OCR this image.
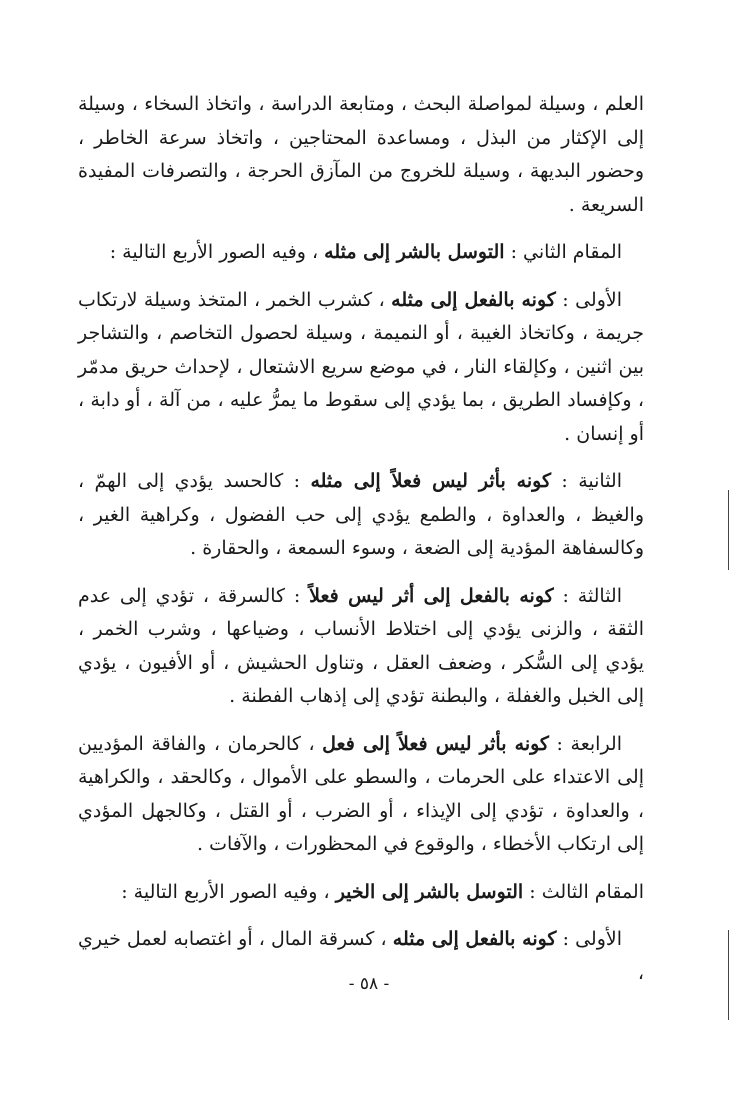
العلم ، وسيلة لمواصلة البحث ، ومتابعة الدراسة ، واتخاذ السخاء ، وسيلة إلى الإكثار من البذل ، ومساعدة المحتاجين ، واتخاذ سرعة الخاطر ، وحضور البديهة ، وسيلة للخروج من المآزق الحرجة ، والتصرفات المفيدة السريعة .

المقام الثاني : التوسل بالشر إلى مثله ، وفيه الصور الأربع التالية :

الأولى : كونه بالفعل إلى مثله ، كشرب الخمر ، المتخذ وسيلة لارتكاب جريمة ، وكاتخاذ الغيبة ، أو النميمة ، وسيلة لحصول التخاصم ، والتشاجر بين اثنين ، وكإلقاء النار ، في موضع سريع الاشتعال ، لإحداث حريق مدمّر ، وكإفساد الطريق ، بما يؤدي إلى سقوط ما يمرُّ عليه ، من آلة ، أو دابة ، أو إنسان .

الثانية : كونه بأثر ليس فعلاً إلى مثله : كالحسد يؤدي إلى الهمّ ، والغيظ ، والعداوة ، والطمع يؤدي إلى حب الفضول ، وكراهية الغير ، وكالسفاهة المؤدية إلى الضعة ، وسوء السمعة ، والحقارة .

الثالثة : كونه بالفعل إلى أثر ليس فعلاً : كالسرقة ، تؤدي إلى عدم الثقة ، والزنى يؤدي إلى اختلاط الأنساب ، وضياعها ، وشرب الخمر ، يؤدي إلى السُّكر ، وضعف العقل ، وتناول الحشيش ، أو الأفيون ، يؤدي إلى الخبل والغفلة ، والبطنة تؤدي إلى إذهاب الفطنة .

الرابعة : كونه بأثر ليس فعلاً إلى فعل ، كالحرمان ، والفاقة المؤديين إلى الاعتداء على الحرمات ، والسطو على الأموال ، وكالحقد ، والكراهية ، والعداوة ، تؤدي إلى الإيذاء ، أو الضرب ، أو القتل ، وكالجهل المؤدي إلى ارتكاب الأخطاء ، والوقوع في المحظورات ، والآفات .

المقام الثالث : التوسل بالشر إلى الخير ، وفيه الصور الأربع التالية :

الأولى : كونه بالفعل إلى مثله ، كسرقة المال ، أو اغتصابه لعمل خيري ،

- ٥٨ -
